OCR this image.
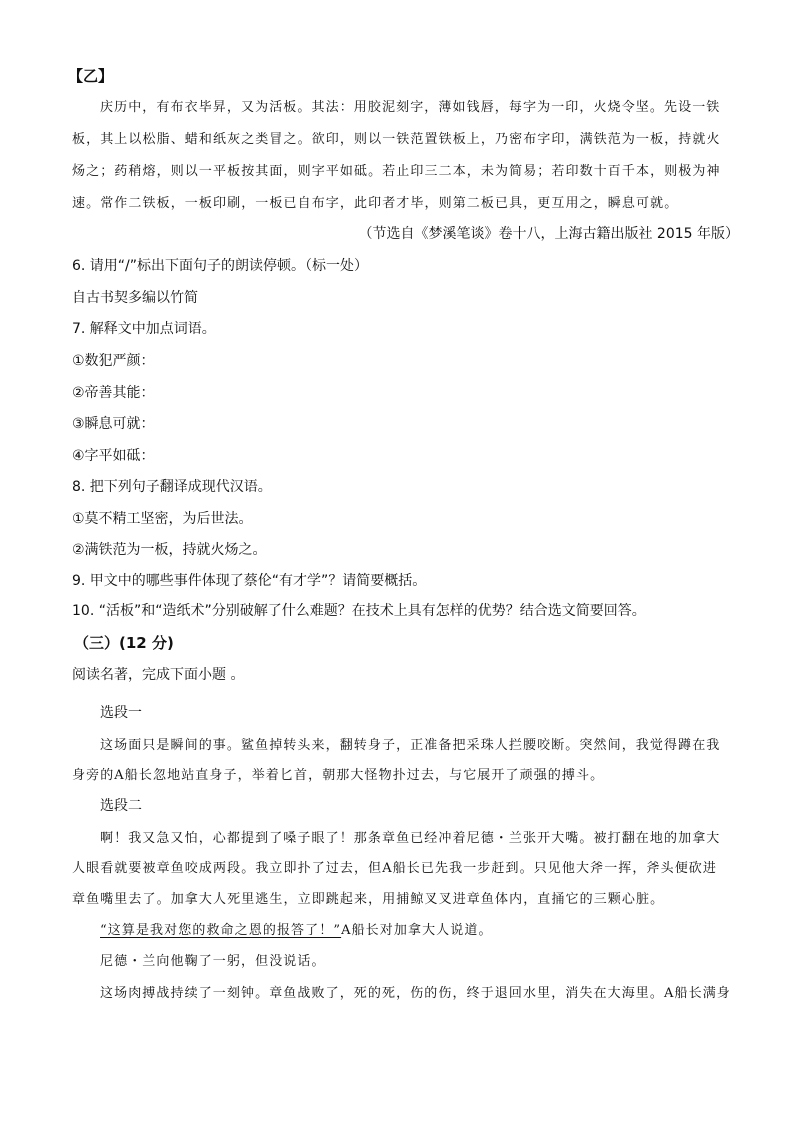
【乙】
庆历中，有布衣毕昇，又为活板。其法：用胶泥刻字，薄如钱唇，每字为一印，火烧令坚。先设一铁
板，其上以松脂、蜡和纸灰之类冒之。欲印，则以一铁范置铁板上，乃密布字印，满铁范为一板，持就火
炀之；药稍熔，则以一平板按其面，则字平如砥。若止印三二本，未为简易；若印数十百千本，则极为神
速。常作二铁板，一板印刷，一板已自布字，此印者才毕，则第二板已具，更互用之，瞬息可就。
（节选自《梦溪笔谈》卷十八，上海古籍出版社 2015 年版）
6. 请用“/”标出下面句子的朗读停顿。（标一处）
自古书契多编以竹简
7. 解释文中加点词语。
①数犯严颜：
②帝善其能：
③瞬息可就：
④字平如砥：
8. 把下列句子翻译成现代汉语。
①莫不精工坚密，为后世法。
②满铁范为一板，持就火炀之。
9. 甲文中的哪些事件体现了蔡伦“有才学”？请简要概括。
10. “活板”和“造纸术”分别破解了什么难题？在技术上具有怎样的优势？结合选文简要回答。
（三）(12 分)
阅读名著，完成下面小题 。
选段一
这场面只是瞬间的事。鲨鱼掉转头来，翻转身子，正准备把采珠人拦腰咬断。突然间，我觉得蹲在我
身旁的A船长忽地站直身子，举着匕首，朝那大怪物扑过去，与它展开了顽强的搏斗。
选段二
啊！我又急又怕，心都提到了嗓子眼了！那条章鱼已经冲着尼德・兰张开大嘴。被打翻在地的加拿大
人眼看就要被章鱼咬成两段。我立即扑了过去，但A船长已先我一步赶到。只见他大斧一挥，斧头便砍进
章鱼嘴里去了。加拿大人死里逃生，立即跳起来，用捕鲸叉叉进章鱼体内，直捅它的三颗心脏。
“这算是我对您的救命之恩的报答了！”A船长对加拿大人说道。
尼德・兰向他鞠了一躬，但没说话。
这场肉搏战持续了一刻钟。章鱼战败了，死的死，伤的伤，终于退回水里，消失在大海里。A船长满身
